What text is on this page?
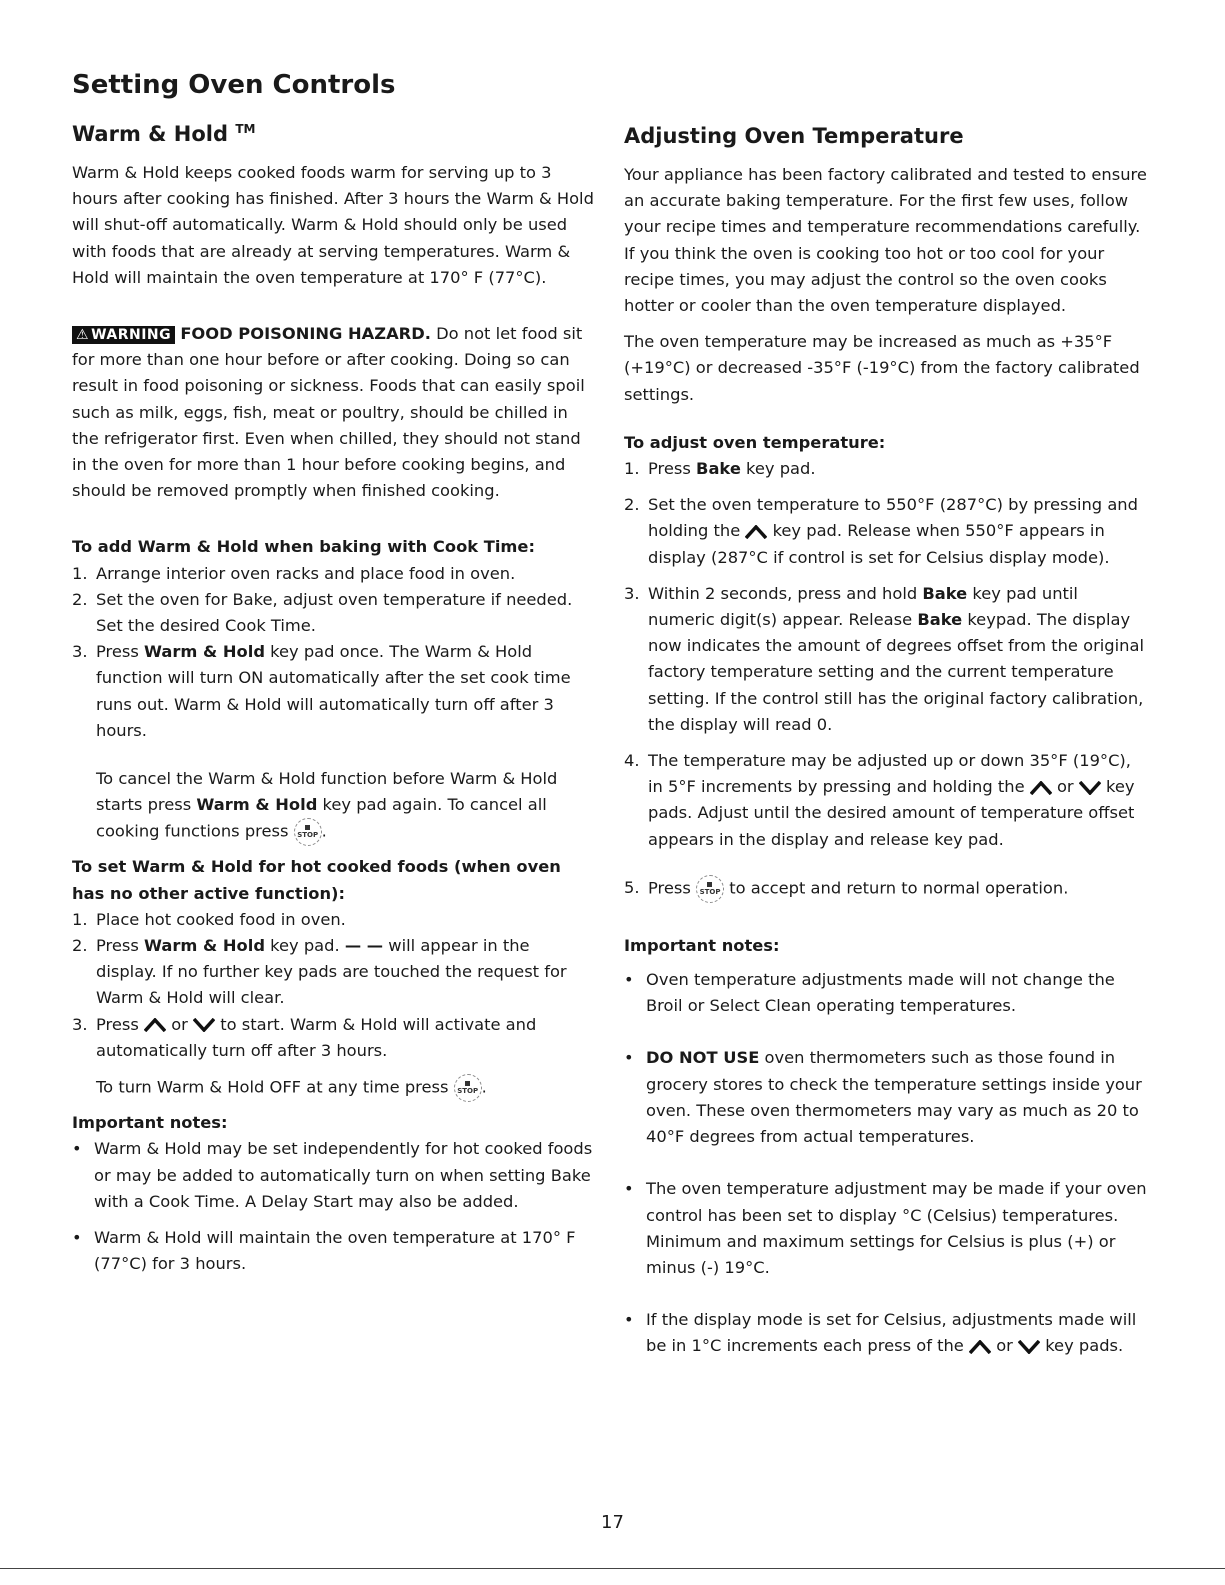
Setting Oven Controls
Warm & Hold ™

Warm & Hold keeps cooked foods warm for serving up to 3 hours after cooking has finished. After 3 hours the Warm & Hold will shut-off automatically. Warm & Hold should only be used with foods that are already at serving temperatures. Warm & Hold will maintain the oven temperature at 170° F (77°C).

⚠ WARNING FOOD POISONING HAZARD. Do not let food sit for more than one hour before or after cooking. Doing so can result in food poisoning or sickness. Foods that can easily spoil such as milk, eggs, fish, meat or poultry, should be chilled in the refrigerator first. Even when chilled, they should not stand in the oven for more than 1 hour before cooking begins, and should be removed promptly when finished cooking.

To add Warm & Hold when baking with Cook Time:
1. Arrange interior oven racks and place food in oven.
2. Set the oven for Bake, adjust oven temperature if needed. Set the desired Cook Time.
3. Press Warm & Hold key pad once. The Warm & Hold function will turn ON automatically after the set cook time runs out. Warm & Hold will automatically turn off after 3 hours.

To cancel the Warm & Hold function before Warm & Hold starts press Warm & Hold key pad again. To cancel all cooking functions press STOP .

To set Warm & Hold for hot cooked foods (when oven has no other active function):
1. Place hot cooked food in oven.
2. Press Warm & Hold key pad. — — will appear in the display. If no further key pads are touched the request for Warm & Hold will clear.
3. Press  or  to start. Warm & Hold will activate and automatically turn off after 3 hours.

To turn Warm & Hold OFF at any time press STOP .

Important notes:
• Warm & Hold may be set independently for hot cooked foods or may be added to automatically turn on when setting Bake with a Cook Time. A Delay Start may also be added.
• Warm & Hold will maintain the oven temperature at 170° F (77°C) for 3 hours.
Adjusting Oven Temperature

Your appliance has been factory calibrated and tested to ensure an accurate baking temperature. For the first few uses, follow your recipe times and temperature recommendations carefully. If you think the oven is cooking too hot or too cool for your recipe times, you may adjust the control so the oven cooks hotter or cooler than the oven temperature displayed.

The oven temperature may be increased as much as +35°F (+19°C) or decreased -35°F (-19°C) from the factory calibrated settings.

To adjust oven temperature:
1. Press Bake key pad.
2. Set the oven temperature to 550°F (287°C) by pressing and holding the  key pad. Release when 550°F appears in display (287°C if control is set for Celsius display mode).
3. Within 2 seconds, press and hold Bake key pad until numeric digit(s) appear. Release Bake keypad. The display now indicates the amount of degrees offset from the original factory temperature setting and the current temperature setting. If the control still has the original factory calibration, the display will read 0.
4. The temperature may be adjusted up or down 35°F (19°C), in 5°F increments by pressing and holding the  or  key pads. Adjust until the desired amount of temperature offset appears in the display and release key pad.
5. Press STOP to accept and return to normal operation.
Important notes:
• Oven temperature adjustments made will not change the Broil or Select Clean operating temperatures.
• DO NOT USE oven thermometers such as those found in grocery stores to check the temperature settings inside your oven. These oven thermometers may vary as much as 20 to 40°F degrees from actual temperatures.
• The oven temperature adjustment may be made if your oven control has been set to display °C (Celsius) temperatures. Minimum and maximum settings for Celsius is plus (+) or minus (-) 19°C.
• If the display mode is set for Celsius, adjustments made will be in 1°C increments each press of the  or  key pads.
17
